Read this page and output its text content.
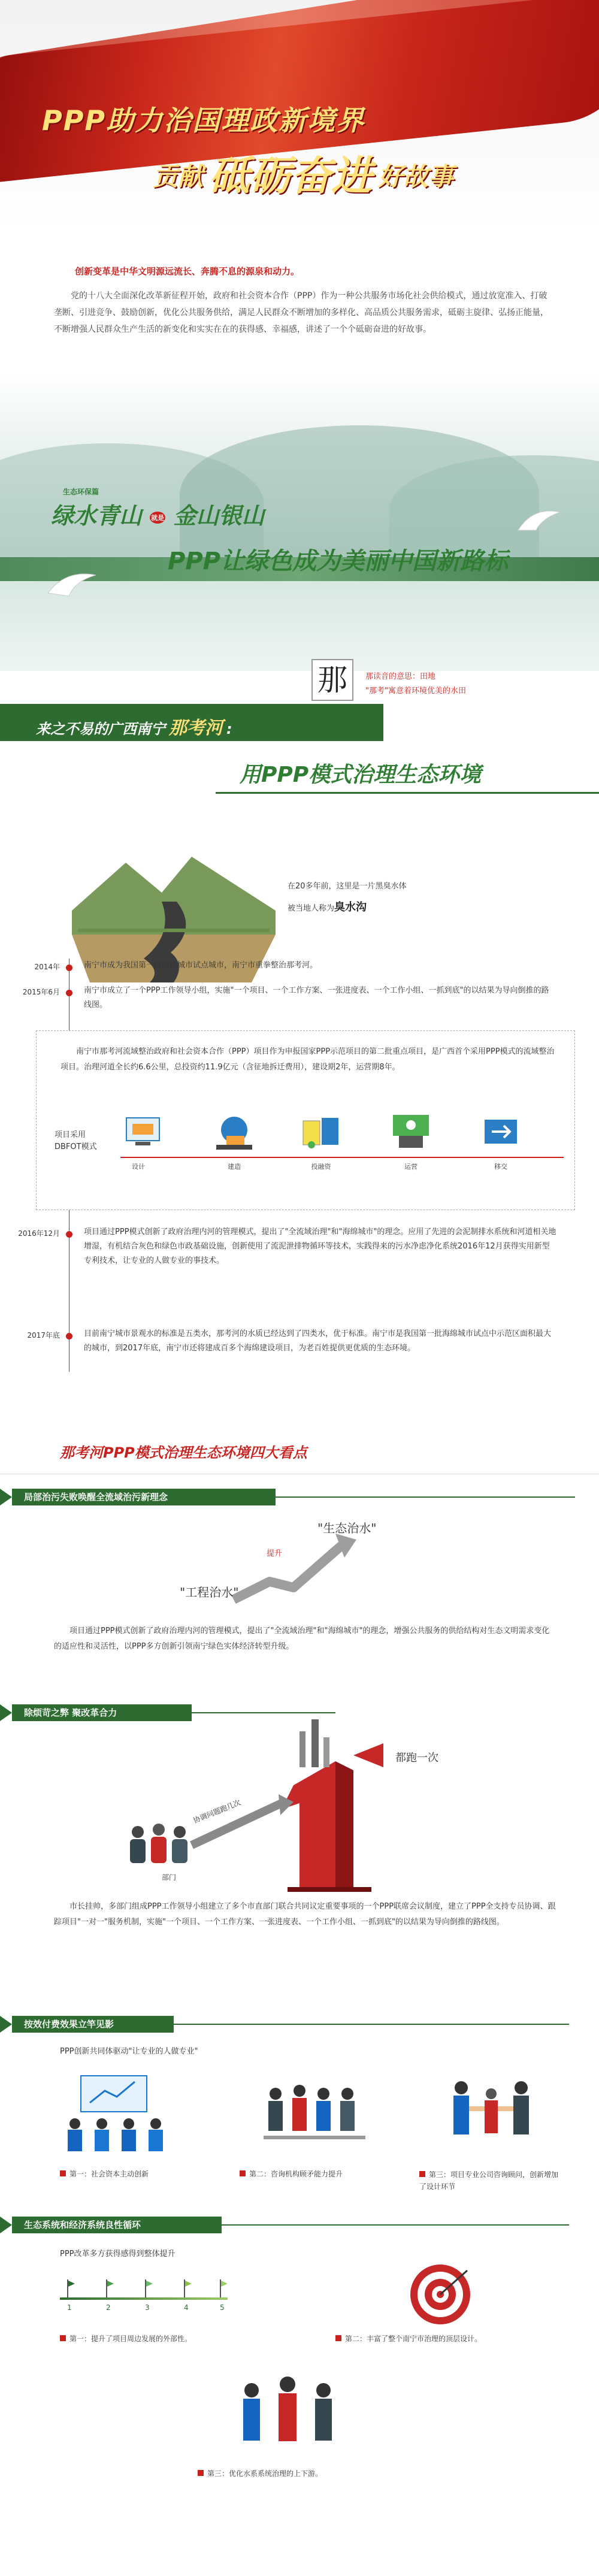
PPP助力治国理政新境界
贡献 砥砺奋进 好故事
创新变革是中华文明源远流长、奔腾不息的源泉和动力。
党的十八大全面深化改革新征程开始，政府和社会资本合作（PPP）作为一种公共服务市场化社会供给模式，通过放宽准入、打破垄断、引进竞争、鼓励创新，优化公共服务供给，满足人民群众不断增加的多样化、高品质公共服务需求，砥砺主旋律、弘扬正能量，不断增强人民群众生产生活的新变化和实实在在的获得感、幸福感，讲述了一个个砥砺奋进的好故事。
生态环保篇
绿水青山 就是 金山银山
PPP让绿色成为美丽中国新路标
那	那读音的意思：田地
"那考"寓意着环境优美的水田
来之不易的广西南宁 那考河 :
用PPP模式治理生态环境
在20多年前，这里是一片黑臭水体
被当地人称为臭水沟
2014年	南宁市成为我国第一批海绵城市试点城市，南宁市重拳整治那考河。
2015年6月	南宁市成立了一个PPP工作领导小组，实施"一个项目、一个工作方案、一张进度表、一个工作小组、一抓到底"的以结果为导向倒推的路线图。
南宁市那考河流域整治政府和社会资本合作（PPP）项目作为申报国家PPP示范项目的第二批重点项目，是广西首个采用PPP模式的流域整治项目。治理河道全长约6.6公里，总投资约11.9亿元（含征地拆迁费用），建设期2年，运营期8年。
项目采用
DBFOT模式
设计	建造	投融资	运营	移交
2016年12月	项目通过PPP模式创新了政府治理内河的管理模式，提出了"全流域治理"和"海绵城市"的理念。应用了先进的会泥制排水系统和河道相关地增湿，有机结合灰色和绿色市政基础设施，创新使用了流泥泄排物循环等技术，实践得来的污水净虑净化系统2016年12月获得实用新型专利技术，让专业的人做专业的事技术。
2017年底	目前南宁城市景观水的标准是五类水，那考河的水质已经达到了四类水，优于标准。南宁市是我国第一批海绵城市试点中示范区面积最大的城市，到2017年底，南宁市还将建成百多个海绵建设项目，为老百姓提供更优质的生态环境。
那考河PPP模式治理生态环境四大看点
局部治污失败唤醒全流域治污新理念
"生态治水"
提升
"工程治水"
项目通过PPP模式创新了政府治理内河的管理模式，提出了"全流域治理"和"海绵城市"的理念，增强公共服务的供给结构对生态文明需求变化的适应性和灵活性，以PPP多方创新引领南宁绿色实体经济转型升级。
除烦苛之弊 聚改革合力
协调问题跑几次
都跑一次
部门
市长挂帅，多部门组成PPP工作领导小组建立了多个市直部门联合共同议定重要事项的一个PPP联席会议制度，建立了PPP全支持专员协调、跟踪项目"一对一"服务机制，实施"一个项目、一个工作方案、一张进度表、一个工作小组、一抓到底"的以结果为导向倒推的路线图。
按效付费效果立竿见影
PPP创新共同体驱动"让专业的人做专业"
第一：社会资本主动创新	第二：咨询机构顾矛能力提升	第三：项目专业公司咨询顾问，创新增加了设计环节
生态系统和经济系统良性循环
PPP改革多方获得感得到整体提升
1	2	3	4	5
第一：提升了项目周边发展的外部性。	第二：丰富了整个南宁市治理的顶层设计。
第三：优化水系系统治理的上下游。
